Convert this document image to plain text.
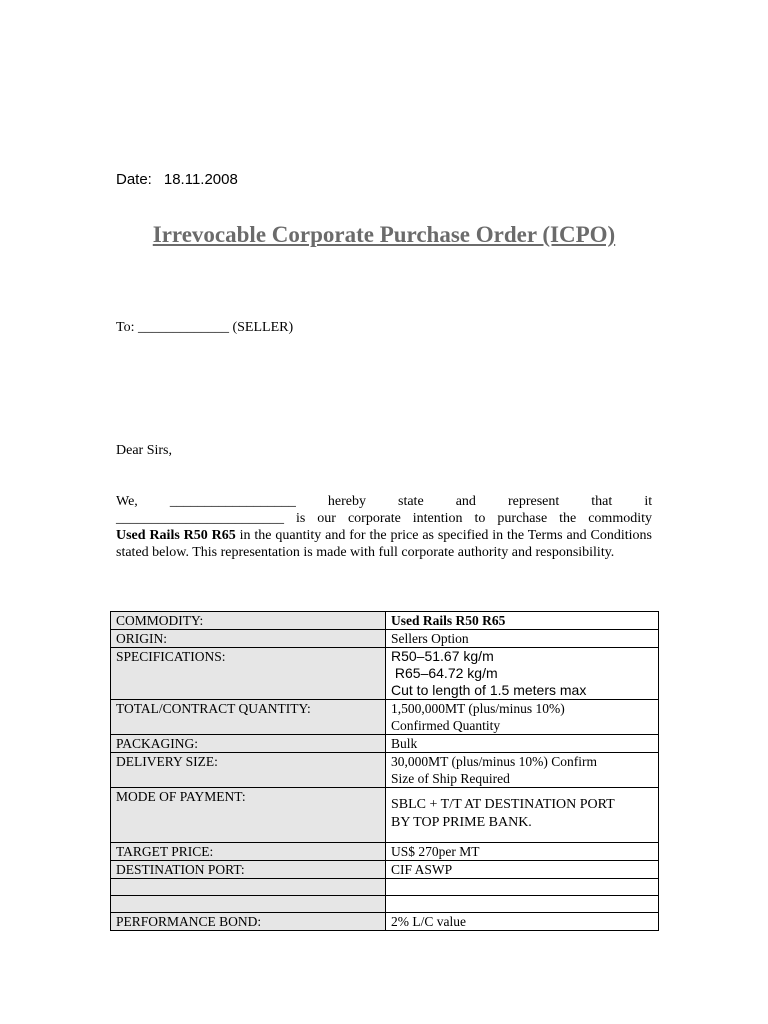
Date: 18.11.2008
Irrevocable Corporate Purchase Order (ICPO)
To: _____________ (SELLER)
Dear Sirs,
We, __________________ hereby state and represent that it
________________________ is our corporate intention to purchase the commodity
Used Rails R50 R65 in the quantity and for the price as specified in the Terms and Conditions stated below. This representation is made with full corporate authority and responsibility.
COMMODITY:	Used Rails R50 R65
ORIGIN:	Sellers Option
SPECIFICATIONS:	R50–51.67 kg/m
R65–64.72 kg/m
Cut to length of 1.5 meters max

TOTAL/CONTRACT QUANTITY:	1,500,000MT (plus/minus 10%)
Confirmed Quantity

PACKAGING:	Bulk
DELIVERY SIZE:	30,000MT (plus/minus 10%) Confirm
Size of Ship Required

MODE OF PAYMENT:	SBLC + T/T AT DESTINATION PORT
BY TOP PRIME BANK.

TARGET PRICE:	US$ 270per MT
DESTINATION PORT:	CIF ASWP

PERFORMANCE BOND:	2% L/C value
